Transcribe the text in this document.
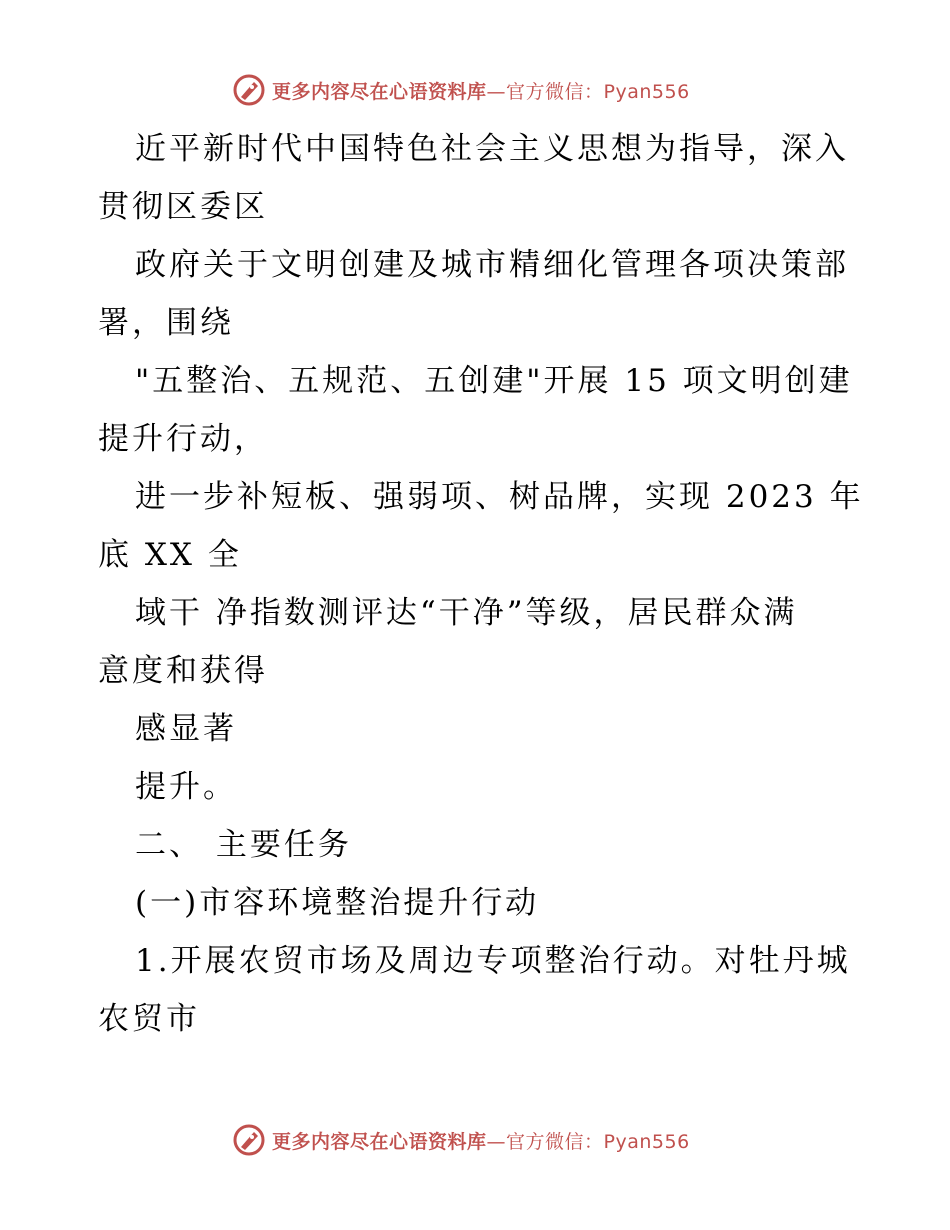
更多内容尽在心语资料库—官方微信：Pyan556
近平新时代中国特色社会主义思想为指导，深入
贯彻区委区
政府关于文明创建及城市精细化管理各项决策部
署，围绕
"五整治、五规范、五创建"开展 15 项文明创建
提升行动，
进一步补短板、强弱项、树品牌，实现 2023 年
底 XX 全
域干 净指数测评达“干净”等级，居民群众满
意度和获得
感显著
提升。
二、 主要任务
(一)市容环境整治提升行动
1.开展农贸市场及周边专项整治行动。对牡丹城
农贸市
更多内容尽在心语资料库—官方微信：Pyan556
